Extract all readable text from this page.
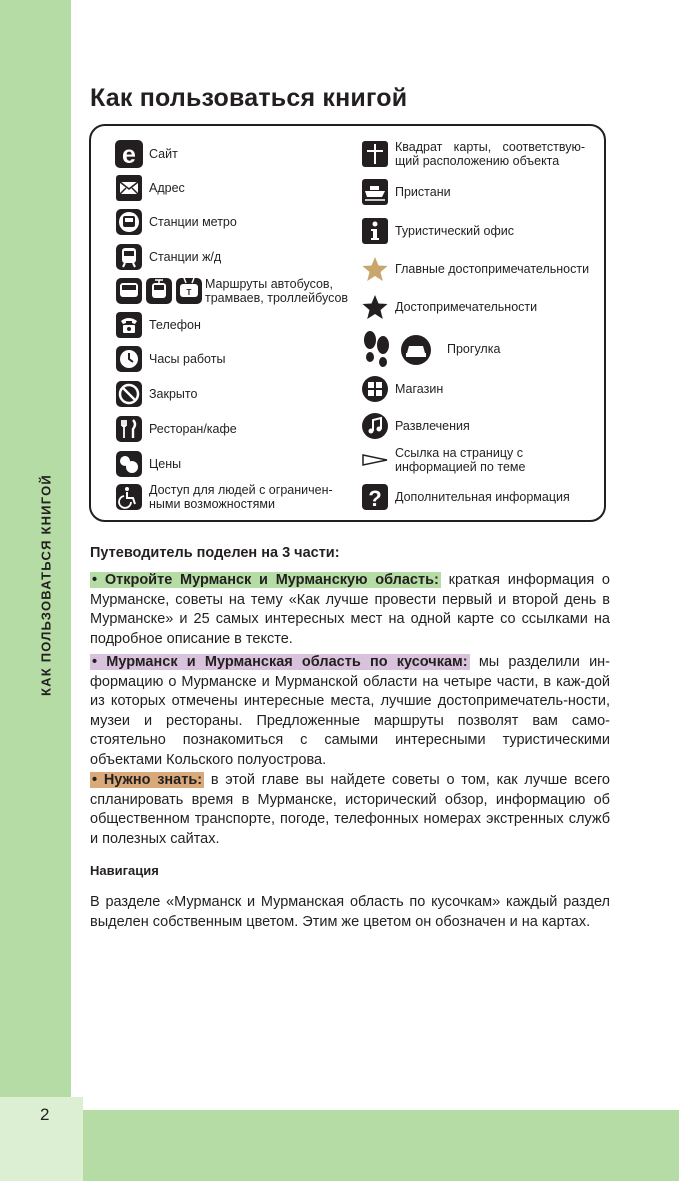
КАК ПОЛЬЗОВАТЬСЯ КНИГОЙ
2
Как пользоваться книгой
e Сайт
Адрес
Станции метро
Станции ж/д
T
Маршруты автобусов, трамваев, троллейбусов
Телефон
Часы работы
Закрыто
Ресторан/кафе
Цены
Доступ для людей с ограничен-ными возможностями
Квадрат карты, соответствую-щий расположению объекта
Пристани
Туристический офис
Главные достопримечательности
Достопримечательности
Прогулка
Магазин
Развлечения
Ссылка на страницу с информацией по теме
? Дополнительная информация

Путеводитель поделен на 3 части:

• Откройте Мурманск и Мурманскую область: краткая информация о Мурманске, советы на тему «Как лучше провести первый и второй день в Мурманске» и 25 самых интересных мест на одной карте со ссылками на подробное описание в тексте.

• Мурманск и Мурманская область по кусочкам: мы разделили ин-формацию о Мурманске и Мурманской области на четыре части, в каж-дой из которых отмечены интересные места, лучшие достопримечатель-ности, музеи и рестораны. Предложенные маршруты позволят вам само-стоятельно познакомиться с самыми интересными туристическими объектами Кольского полуострова.

• Нужно знать: в этой главе вы найдете советы о том, как лучше всего спланировать время в Мурманске, исторический обзор, информацию об общественном транспорте, погоде, телефонных номерах экстренных служб и полезных сайтах.

Навигация

В разделе «Мурманск и Мурманская область по кусочкам» каждый раздел выделен собственным цветом. Этим же цветом он обозначен и на картах.
